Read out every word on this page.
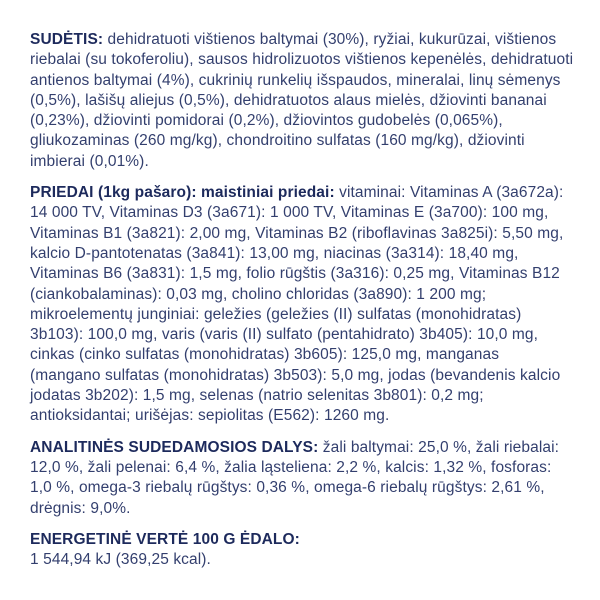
SUDĖTIS: dehidratuoti vištienos baltymai (30%), ryžiai, kukurūzai, vištienos riebalai (su tokoferoliu), sausos hidrolizuotos vištienos kepenėlės, dehidratuoti antienos baltymai (4%), cukrinių runkelių išspaudos, mineralai, linų sėmenys (0,5%), lašišų aliejus (0,5%), dehidratuotos alaus mielės, džiovinti bananai (0,23%), džiovinti pomidorai (0,2%), džiovintos gudobelės (0,065%), gliukozaminas (260 mg/kg), chondroitino sulfatas (160 mg/kg), džiovinti imbierai (0,01%).

PRIEDAI (1kg pašaro): maistiniai priedai: vitaminai: Vitaminas A (3a672a): 14 000 TV, Vitaminas D3 (3a671): 1 000 TV, Vitaminas E (3a700): 100 mg, Vitaminas B1 (3a821): 2,00 mg, Vitaminas B2 (riboflavinas 3a825i): 5,50 mg, kalcio D-pantotenatas (3a841): 13,00 mg, niacinas (3a314): 18,40 mg, Vitaminas B6 (3a831): 1,5 mg, folio rūgštis (3a316): 0,25 mg, Vitaminas B12 (ciankobalaminas): 0,03 mg, cholino chloridas (3a890): 1 200 mg; mikroelementų junginiai: geležies (geležies (II) sulfatas (monohidratas) 3b103): 100,0 mg, varis (varis (II) sulfato (pentahidrato) 3b405): 10,0 mg, cinkas (cinko sulfatas (monohidratas) 3b605): 125,0 mg, manganas (mangano sulfatas (monohidratas) 3b503): 5,0 mg, jodas (bevandenis kalcio jodatas 3b202): 1,5 mg, selenas (natrio selenitas 3b801): 0,2 mg; antioksidantai; urišėjas: sepiolitas (E562): 1260 mg.

ANALITINĖS SUDEDAMOSIOS DALYS: žali baltymai: 25,0 %, žali riebalai: 12,0 %, žali pelenai: 6,4 %, žalia ląsteliena: 2,2 %, kalcis: 1,32 %, fosforas: 1,0 %, omega-3 riebalų rūgštys: 0,36 %, omega-6 riebalų rūgštys: 2,61 %, drėgnis: 9,0%.

ENERGETINĖ VERTĖ 100 G ĖDALO:
1 544,94 kJ (369,25 kcal).
